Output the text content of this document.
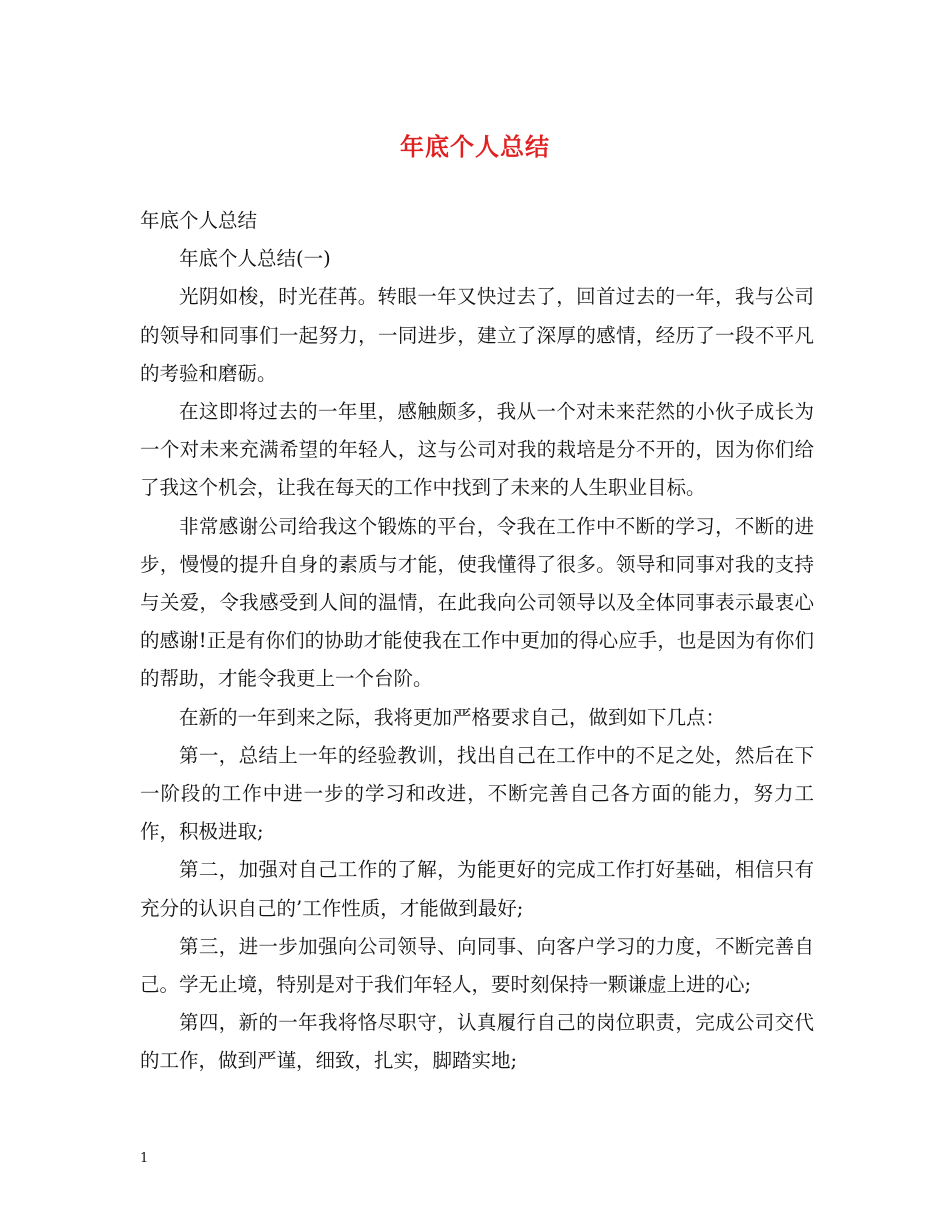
年底个人总结

年底个人总结

年底个人总结(一)

光阴如梭，时光荏苒。转眼一年又快过去了，回首过去的一年，我与公司的领导和同事们一起努力，一同进步，建立了深厚的感情，经历了一段不平凡的考验和磨砺。

在这即将过去的一年里，感触颇多，我从一个对未来茫然的小伙子成长为一个对未来充满希望的年轻人，这与公司对我的栽培是分不开的，因为你们给了我这个机会，让我在每天的工作中找到了未来的人生职业目标。

非常感谢公司给我这个锻炼的平台，令我在工作中不断的学习，不断的进步，慢慢的提升自身的素质与才能，使我懂得了很多。领导和同事对我的支持与关爱，令我感受到人间的温情，在此我向公司领导以及全体同事表示最衷心的感谢!正是有你们的协助才能使我在工作中更加的得心应手，也是因为有你们的帮助，才能令我更上一个台阶。

在新的一年到来之际，我将更加严格要求自己，做到如下几点：

第一，总结上一年的经验教训，找出自己在工作中的不足之处，然后在下一阶段的工作中进一步的学习和改进，不断完善自己各方面的能力，努力工作，积极进取;

第二，加强对自己工作的了解，为能更好的完成工作打好基础，相信只有充分的认识自己的’工作性质，才能做到最好;

第三，进一步加强向公司领导、向同事、向客户学习的力度，不断完善自己。学无止境，特别是对于我们年轻人，要时刻保持一颗谦虚上进的心;

第四，新的一年我将恪尽职守，认真履行自己的岗位职责，完成公司交代的工作，做到严谨，细致，扎实，脚踏实地;

1
